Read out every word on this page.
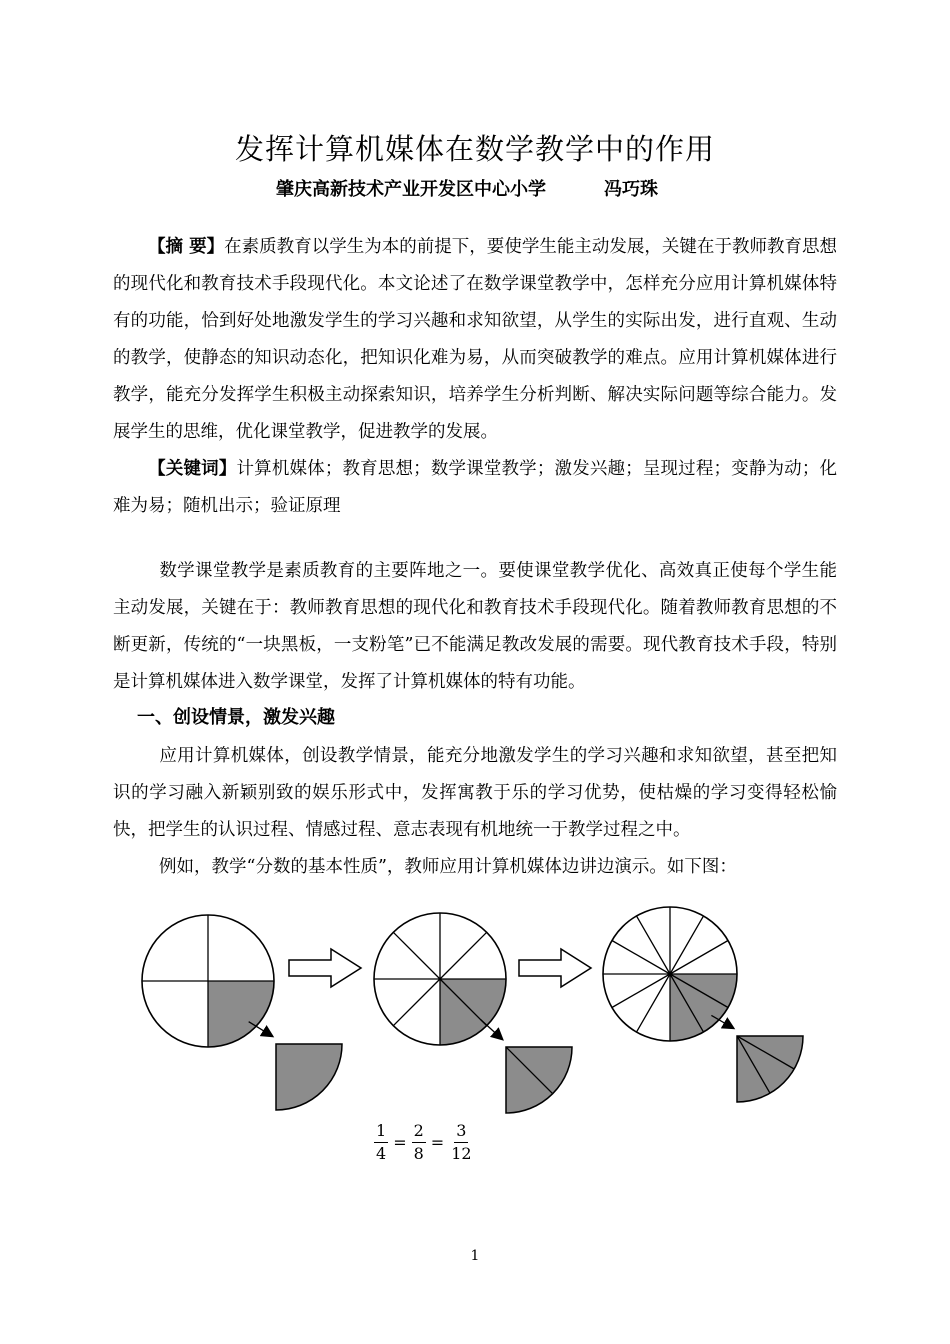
发挥计算机媒体在数学教学中的作用
肇庆高新技术产业开发区中心小学	冯巧珠
【摘 要】在素质教育以学生为本的前提下，要使学生能主动发展，关键在于教师教育思想的现代化和教育技术手段现代化。本文论述了在数学课堂教学中，怎样充分应用计算机媒体特有的功能，恰到好处地激发学生的学习兴趣和求知欲望，从学生的实际出发，进行直观、生动的教学，使静态的知识动态化，把知识化难为易，从而突破教学的难点。应用计算机媒体进行教学，能充分发挥学生积极主动探索知识，培养学生分析判断、解决实际问题等综合能力。发展学生的思维，优化课堂教学，促进教学的发展。
【关键词】计算机媒体；教育思想；数学课堂教学；激发兴趣；呈现过程；变静为动；化难为易；随机出示；验证原理
数学课堂教学是素质教育的主要阵地之一。要使课堂教学优化、高效真正使每个学生能主动发展，关键在于：教师教育思想的现代化和教育技术手段现代化。随着教师教育思想的不断更新，传统的“一块黑板，一支粉笔”已不能满足教改发展的需要。现代教育技术手段，特别是计算机媒体进入数学课堂，发挥了计算机媒体的特有功能。
一、创设情景，激发兴趣
应用计算机媒体，创设教学情景，能充分地激发学生的学习兴趣和求知欲望，甚至把知识的学习融入新颖别致的娱乐形式中，发挥寓教于乐的学习优势，使枯燥的学习变得轻松愉快，把学生的认识过程、情感过程、意志表现有机地统一于教学过程之中。
例如，教学“分数的基本性质”，教师应用计算机媒体边讲边演示。如下图：
$\frac{1}{4} = \frac{2}{8} = \frac{3}{12}$
1
